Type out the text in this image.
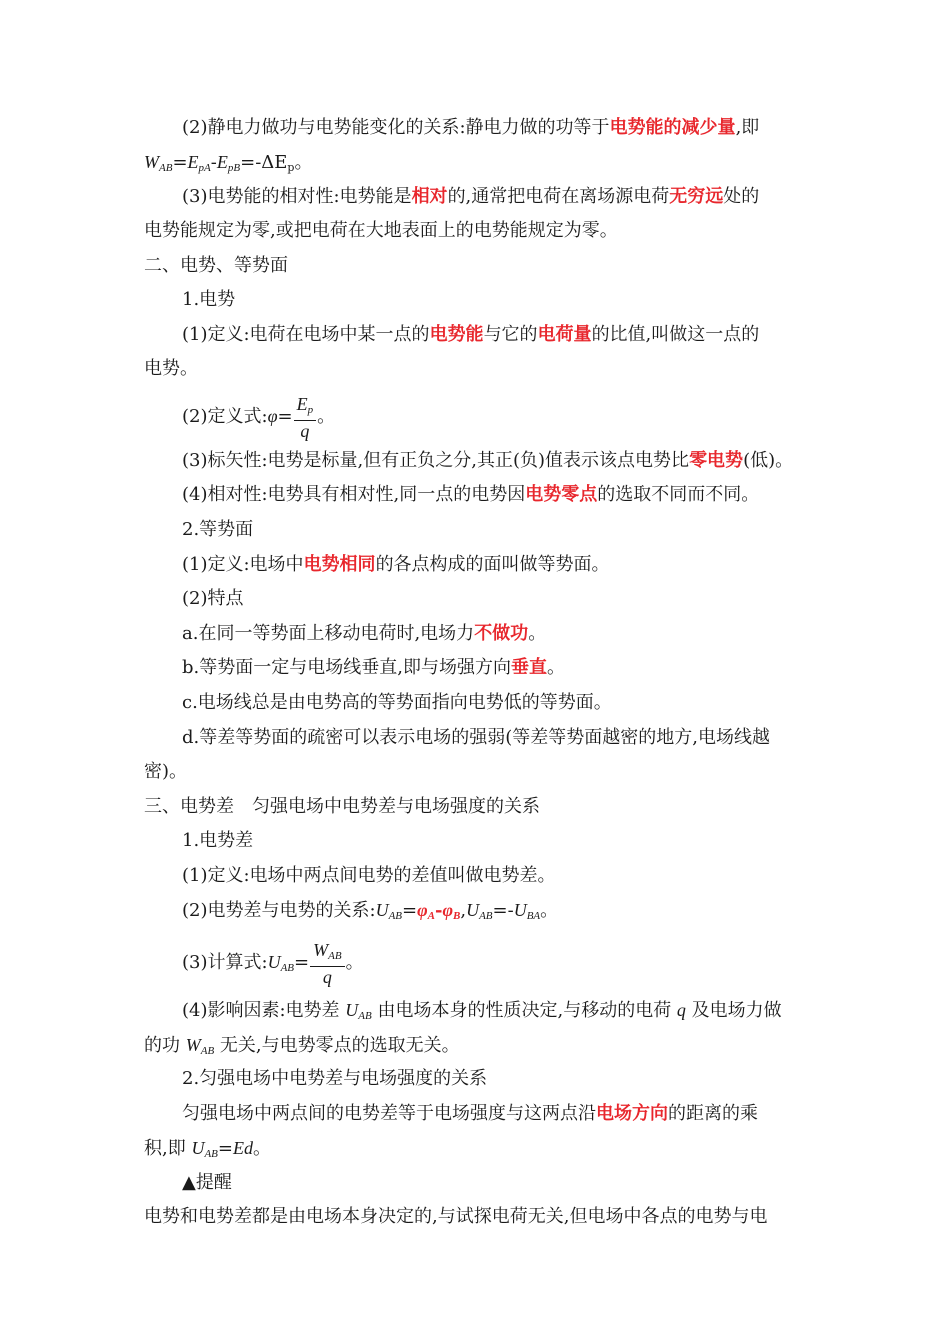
(2)静电力做功与电势能变化的关系:静电力做的功等于电势能的减少量,即
$W_{AB}=E_{pA}-E_{pB}=-\Delta E_p$。
(3)电势能的相对性:电势能是相对的,通常把电荷在离场源电荷无穷远处的
电势能规定为零,或把电荷在大地表面上的电势能规定为零。
二、电势、等势面
1.电势
(1)定义:电荷在电场中某一点的电势能与它的电荷量的比值,叫做这一点的
电势。
(2)定义式:φ= $\frac{E_p}{q}$ 。
(3)标矢性:电势是标量,但有正负之分,其正(负)值表示该点电势比零电势(低)。
(4)相对性:电势具有相对性,同一点的电势因电势零点的选取不同而不同。
2.等势面
(1)定义:电场中电势相同的各点构成的面叫做等势面。
(2)特点
a.在同一等势面上移动电荷时,电场力不做功。
b.等势面一定与电场线垂直,即与场强方向垂直。
c.电场线总是由电势高的等势面指向电势低的等势面。
d.等差等势面的疏密可以表示电场的强弱(等差等势面越密的地方,电场线越
密)。
三、电势差　匀强电场中电势差与电场强度的关系
1.电势差
(1)定义:电场中两点间电势的差值叫做电势差。
(2)电势差与电势的关系$:U_{AB}=\varphi_A-\varphi_B,U_{AB}=-U_{BA}$。
(3)计算式$:U_{AB}= \frac{W_{AB}}{q}$ 。
(4)影响因素:电势差 $U_{AB}$ 由电场本身的性质决定,与移动的电荷 q 及电场力做
的功 $W_{AB}$ 无关,与电势零点的选取无关。
2.匀强电场中电势差与电场强度的关系
匀强电场中两点间的电势差等于电场强度与这两点沿电场方向的距离的乘
积,即 $U_{AB}=Ed$。
▲提醒
电势和电势差都是由电场本身决定的,与试探电荷无关,但电场中各点的电势与电
